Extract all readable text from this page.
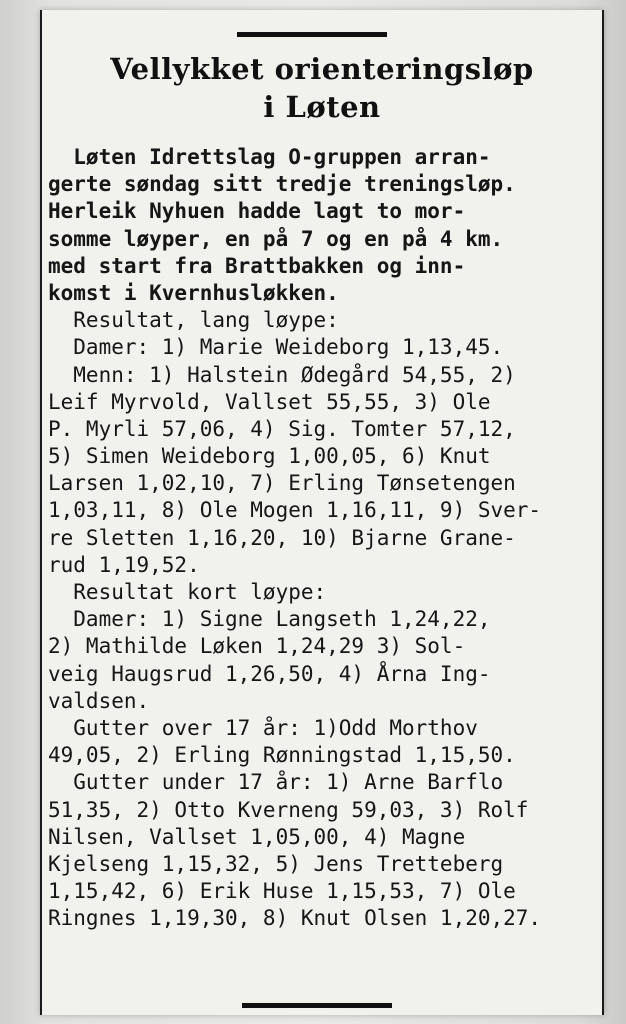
Vellykket orienteringsløp
i Løten
Løten Idrettslag O-gruppen arran-
gerte søndag sitt tredje treningsløp.
Herleik Nyhuen hadde lagt to mor-
somme løyper, en på 7 og en på 4 km.
med start fra Brattbakken og inn-
komst i Kvernhusløkken.
Resultat, lang løype:
Damer: 1) Marie Weideborg 1,13,45.
Menn: 1) Halstein Ødegård 54,55, 2)
Leif Myrvold, Vallset 55,55, 3) Ole
P. Myrli 57,06, 4) Sig. Tomter 57,12,
5) Simen Weideborg 1,00,05, 6) Knut
Larsen 1,02,10, 7) Erling Tønsetengen
1,03,11, 8) Ole Mogen 1,16,11, 9) Sver-
re Sletten 1,16,20, 10) Bjarne Grane-
rud 1,19,52.
Resultat kort løype:
Damer: 1) Signe Langseth 1,24,22,
2) Mathilde Løken 1,24,29 3) Sol-
veig Haugsrud 1,26,50, 4) Årna Ing-
valdsen.
Gutter over 17 år: 1)Odd Morthov
49,05, 2) Erling Rønningstad 1,15,50.
Gutter under 17 år: 1) Arne Barflo
51,35, 2) Otto Kverneng 59,03, 3) Rolf
Nilsen, Vallset 1,05,00, 4) Magne
Kjelseng 1,15,32, 5) Jens Tretteberg
1,15,42, 6) Erik Huse 1,15,53, 7) Ole
Ringnes 1,19,30, 8) Knut Olsen 1,20,27.
